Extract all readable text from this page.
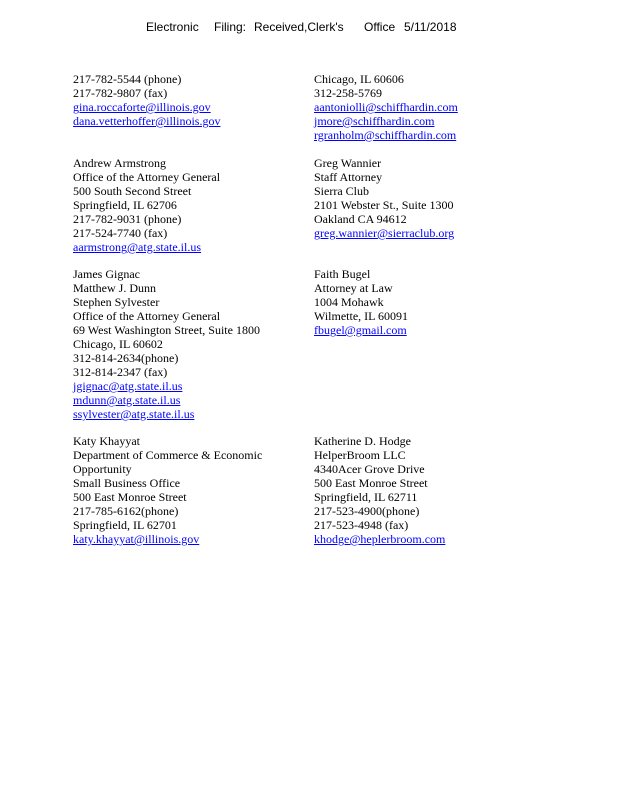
Electronic Filing: Received,Clerk's Office 5/11/2018
217-782-5544 (phone)
217-782-9807 (fax)
gina.roccaforte@illinois.gov
dana.vetterhoffer@illinois.gov
Chicago, IL 60606
312-258-5769
aantoniolli@schiffhardin.com
jmore@schiffhardin.com
rgranholm@schiffhardin.com
Andrew Armstrong
Office of the Attorney General
500 South Second Street
Springfield, IL 62706
217-782-9031 (phone)
217-524-7740 (fax)
aarmstrong@atg.state.il.us
Greg Wannier
Staff Attorney
Sierra Club
2101 Webster St., Suite 1300
Oakland CA 94612
greg.wannier@sierraclub.org
James Gignac
Matthew J. Dunn
Stephen Sylvester
Office of the Attorney General
69 West Washington Street, Suite 1800
Chicago, IL 60602
312-814-2634(phone)
312-814-2347 (fax)
jgignac@atg.state.il.us
mdunn@atg.state.il.us
ssylvester@atg.state.il.us
Faith Bugel
Attorney at Law
1004 Mohawk
Wilmette, IL 60091
fbugel@gmail.com
Katy Khayyat
Department of Commerce & Economic
Opportunity
Small Business Office
500 East Monroe Street
217-785-6162(phone)
Springfield, IL 62701
katy.khayyat@illinois.gov
Katherine D. Hodge
HelperBroom LLC
4340Acer Grove Drive
500 East Monroe Street
Springfield, IL 62711
217-523-4900(phone)
217-523-4948 (fax)
khodge@heplerbroom.com
